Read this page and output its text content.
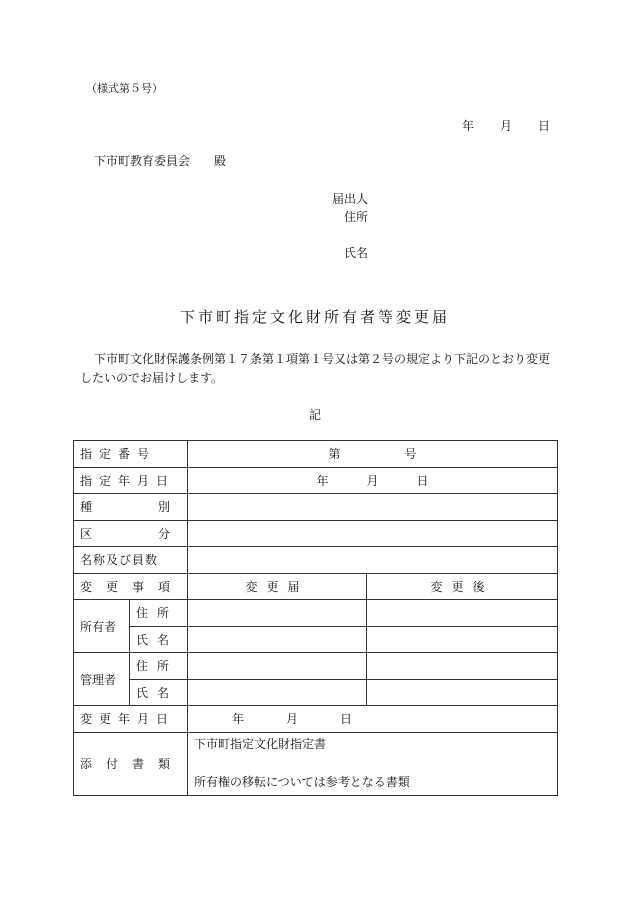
（様式第５号）
年 月 日
下市町教育委員会　　殿
届出人
住所
氏名
下市町指定文化財所有者等変更届
下市町文化財保護条例第１７条第１項第１号又は第２号の規定より下記のとおり変更したいのでお届けします。
記
指定番号		第 号	
指定年月日		年 月 日	

種別			

区分			

名称及び員数			

変更事項		変更届	変更後
所有者	住所		
	氏名		
管理者	住所		
	氏名		
変更年月日		年 月 日	

添付書類		下市町指定文化財指定書
所有権の移転については参考となる書類	
